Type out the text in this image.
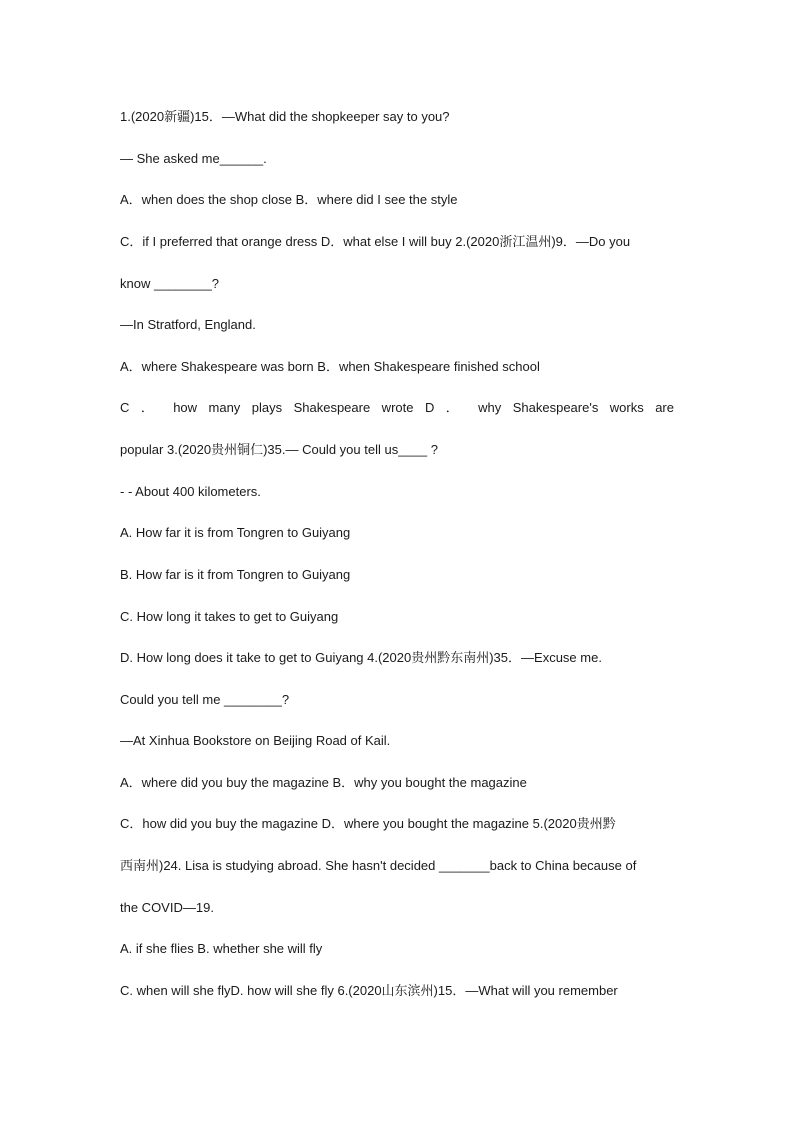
1.(2020新疆)15．—What did the shopkeeper say to you?
— She asked me______.
A．when does the shop close B．where did I see the style
C．if I preferred that orange dress D．what else I will buy 2.(2020浙江温州)9．—Do you
know ________?
—In Stratford, England.
A．where Shakespeare was born B．when Shakespeare finished school
C ． how many plays Shakespeare wrote D ． why Shakespeare's works are
popular 3.(2020贵州铜仁)35.— Could you tell us____ ?
- - About 400 kilometers.
A. How far it is from Tongren to Guiyang
B. How far is it from Tongren to Guiyang
C. How long it takes to get to Guiyang
D. How long does it take to get to Guiyang 4.(2020贵州黔东南州)35．—Excuse me.
Could you tell me ________?
—At Xinhua Bookstore on Beijing Road of Kail.
A．where did you buy the magazine B．why you bought the magazine
C．how did you buy the magazine D．where you bought the magazine 5.(2020贵州黔
西南州)24. Lisa is studying abroad. She hasn't decided _______back to China because of
the COVID—19.
A. if she flies B. whether she will fly
C. when will she flyD. how will she fly 6.(2020山东滨州)15．—What will you remember
